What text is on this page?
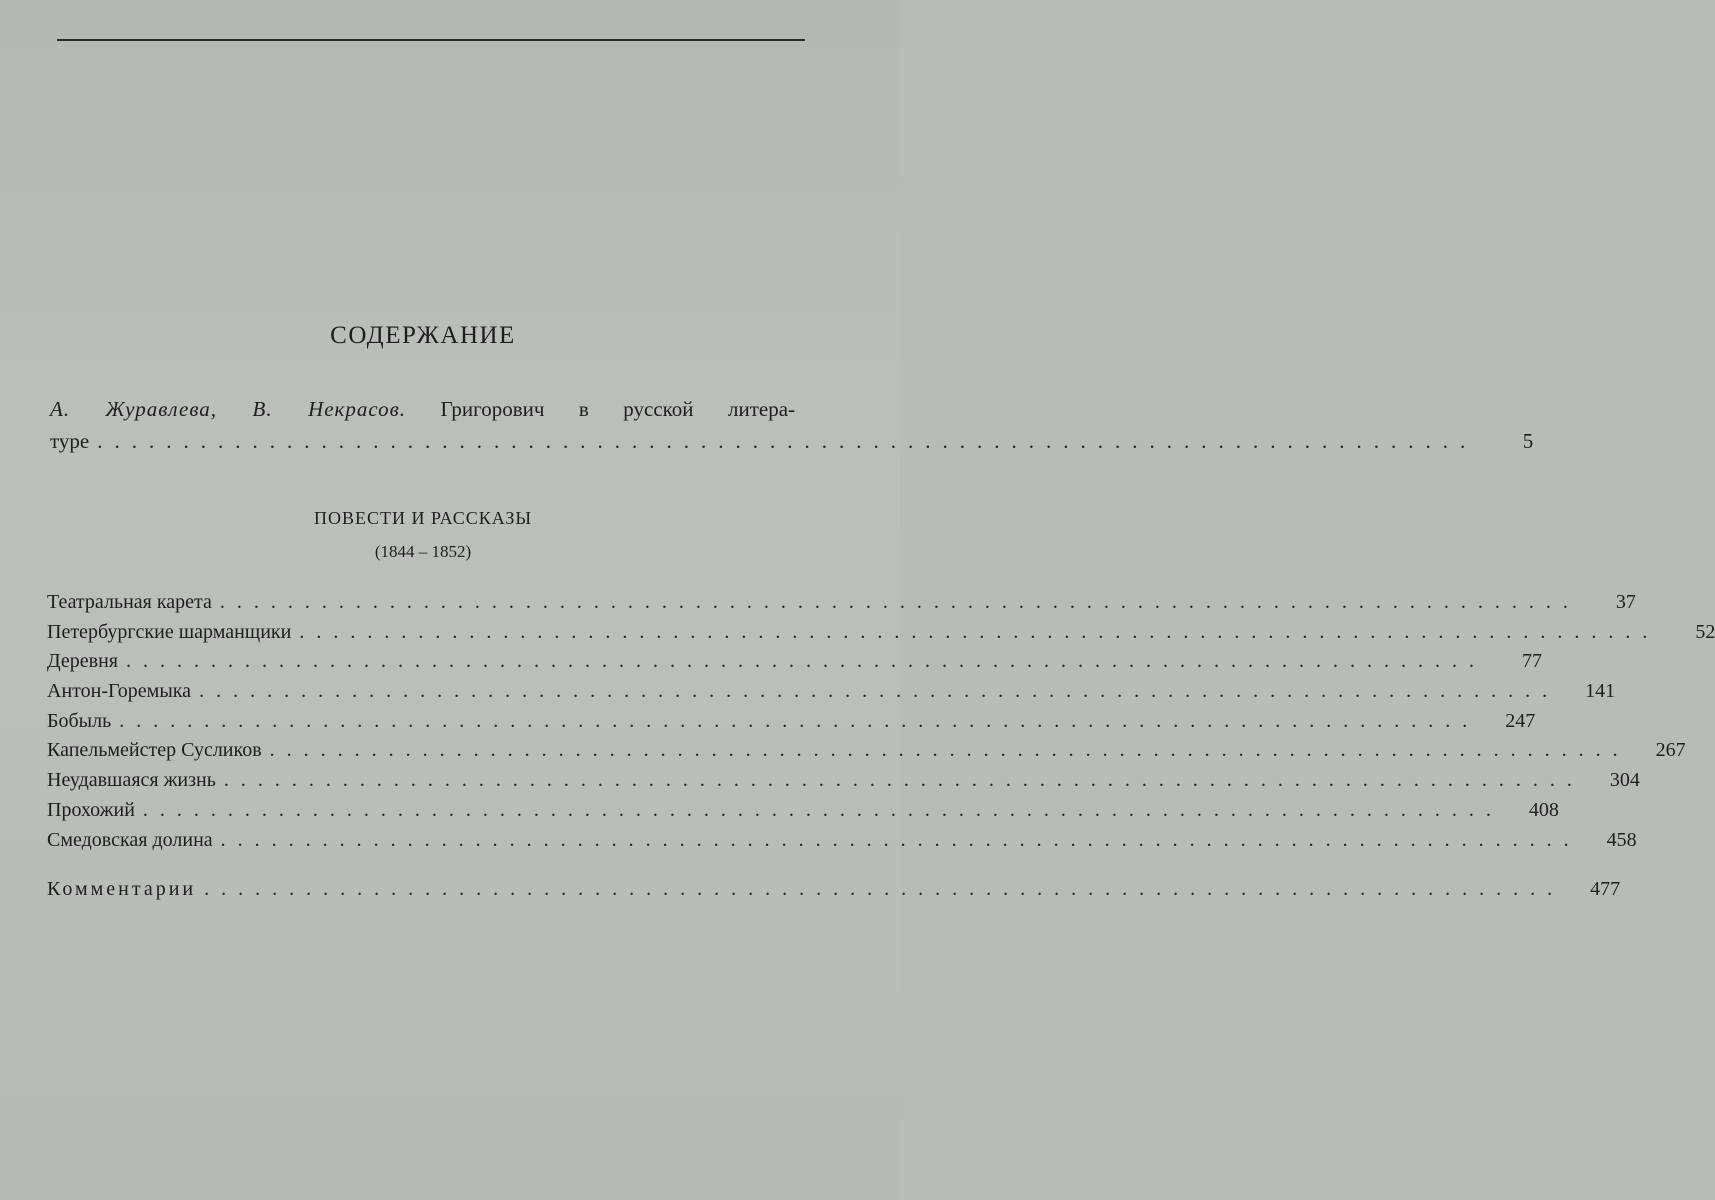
СОДЕРЖАНИЕ
А. Журавлева, В. Некрасов. Григорович в русской литера-
туре ................................................................................	5
ПОВЕСТИ И РАССКАЗЫ
(1844 – 1852)
Театральная карета ................................................................................	37
Петербургские шарманщики ................................................................................	52
Деревня ................................................................................	77
Антон-Горемыка ................................................................................	141
Бобыль ................................................................................	247
Капельмейстер Сусликов ................................................................................	267
Неудавшаяся жизнь ................................................................................	304
Прохожий ................................................................................	408
Смедовская долина ................................................................................	458
Комментарии ................................................................................	477
